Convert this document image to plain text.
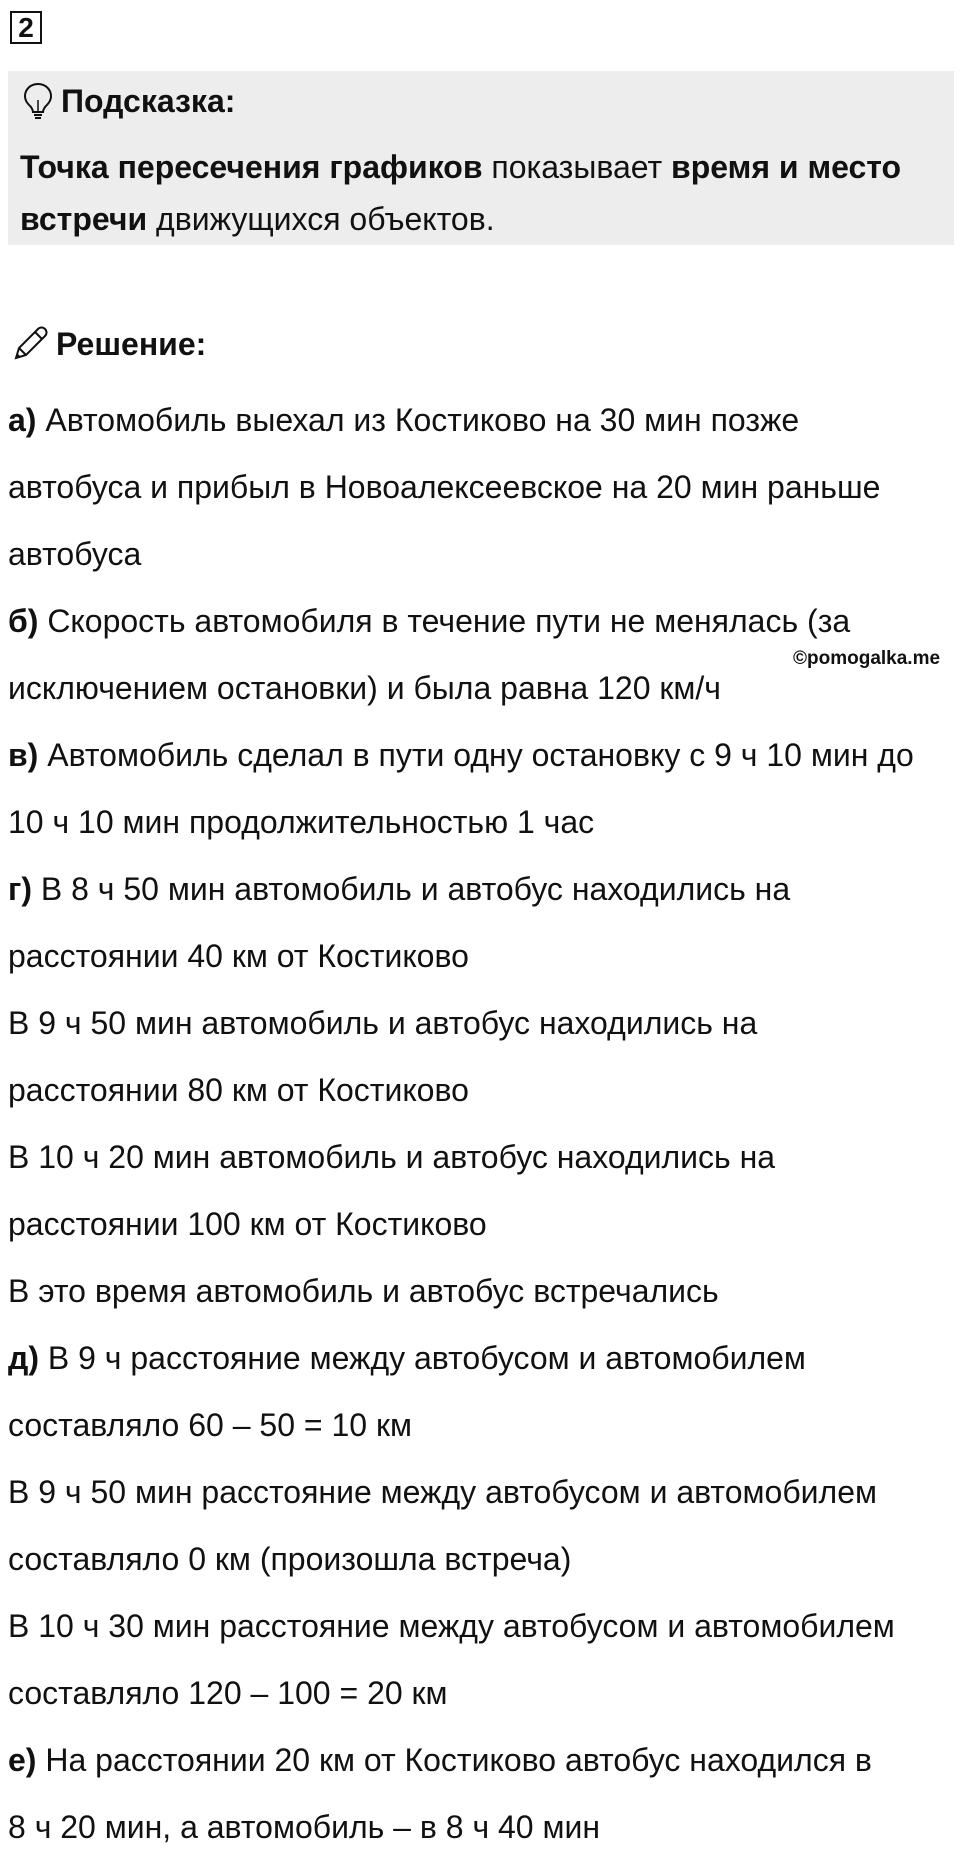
2
Подсказка:
Точка пересечения графиков показывает время и место встречи движущихся объектов.
Решение:
©pomogalka.me

а) Автомобиль выехал из Костиково на 30 мин позже

автобуса и прибыл в Новоалексеевское на 20 мин раньше

автобуса

б) Скорость автомобиля в течение пути не менялась (за

исключением остановки) и была равна 120 км/ч

в) Автомобиль сделал в пути одну остановку с 9 ч 10 мин до

10 ч 10 мин продолжительностью 1 час

г) В 8 ч 50 мин автомобиль и автобус находились на

расстоянии 40 км от Костиково

В 9 ч 50 мин автомобиль и автобус находились на

расстоянии 80 км от Костиково

В 10 ч 20 мин автомобиль и автобус находились на

расстоянии 100 км от Костиково

В это время автомобиль и автобус встречались

д) В 9 ч расстояние между автобусом и автомобилем

составляло 60 – 50 = 10 км

В 9 ч 50 мин расстояние между автобусом и автомобилем

составляло 0 км (произошла встреча)

В 10 ч 30 мин расстояние между автобусом и автомобилем

составляло 120 – 100 = 20 км

е) На расстоянии 20 км от Костиково автобус находился в

8 ч 20 мин, а автомобиль – в 8 ч 40 мин
